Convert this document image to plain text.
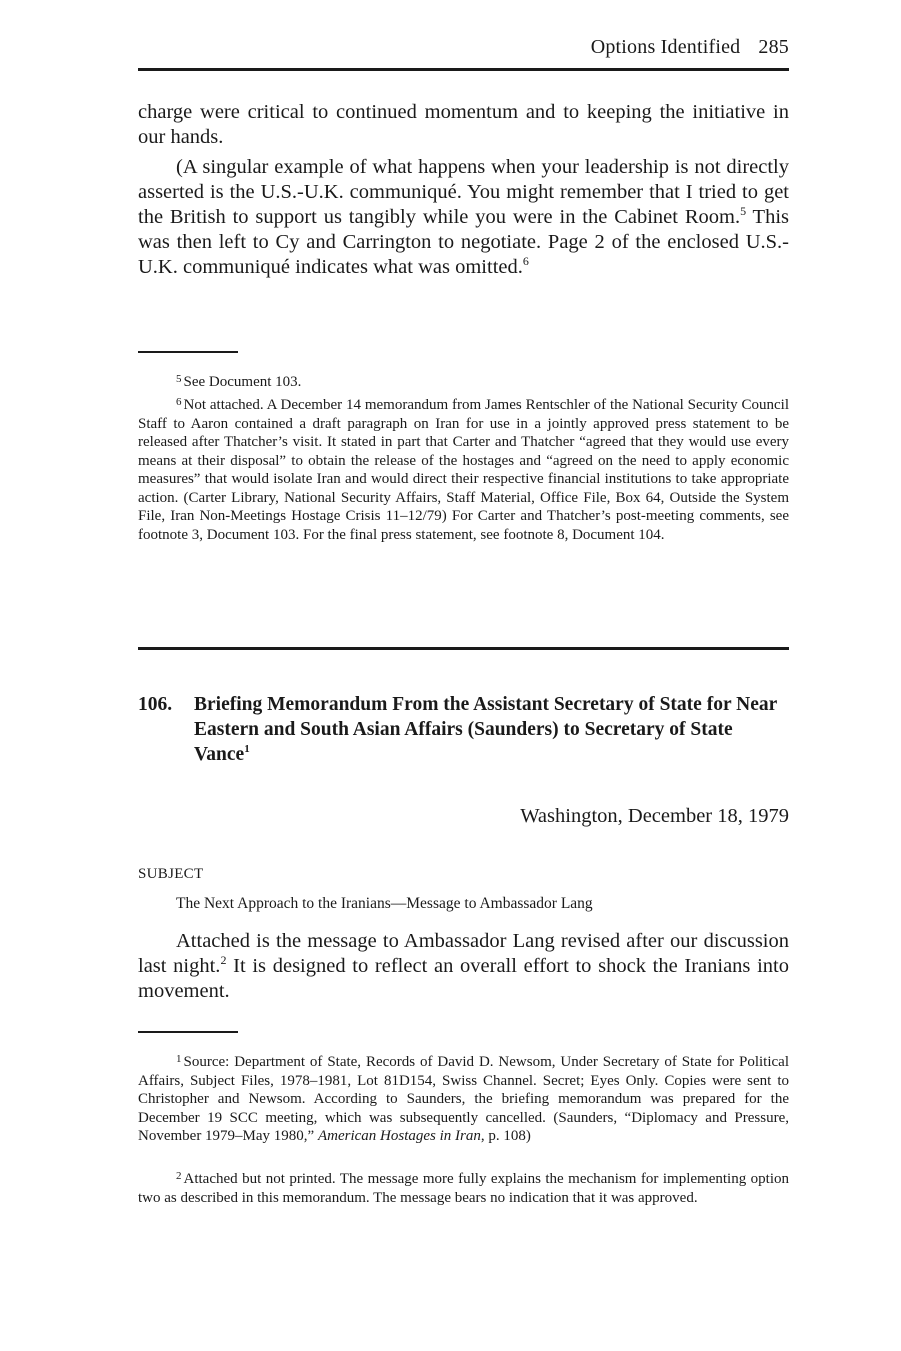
Options Identified 285

charge were critical to continued momentum and to keeping the initiative in our hands.

(A singular example of what happens when your leadership is not directly asserted is the U.S.-U.K. communiqué. You might remember that I tried to get the British to support us tangibly while you were in the Cabinet Room.$^5$ This was then left to Cy and Carrington to negotiate. Page 2 of the enclosed U.S.-U.K. communiqué indicates what was omitted.$^6$

5 See Document 103.

6 Not attached. A December 14 memorandum from James Rentschler of the National Security Council Staff to Aaron contained a draft paragraph on Iran for use in a jointly approved press statement to be released after Thatcher’s visit. It stated in part that Carter and Thatcher “agreed that they would use every means at their disposal” to obtain the release of the hostages and “agreed on the need to apply economic measures” that would isolate Iran and would direct their respective financial institutions to take appropriate action. (Carter Library, National Security Affairs, Staff Material, Office File, Box 64, Outside the System File, Iran Non-Meetings Hostage Crisis 11–12/79) For Carter and Thatcher’s post-meeting comments, see footnote 3, Document 103. For the final press statement, see footnote 8, Document 104.

106. Briefing Memorandum From the Assistant Secretary of State for Near Eastern and South Asian Affairs (Saunders) to Secretary of State Vance$^1$
Washington, December 18, 1979
SUBJECT
The Next Approach to the Iranians—Message to Ambassador Lang

Attached is the message to Ambassador Lang revised after our discussion last night.$^2$ It is designed to reflect an overall effort to shock the Iranians into movement.

1 Source: Department of State, Records of David D. Newsom, Under Secretary of State for Political Affairs, Subject Files, 1978–1981, Lot 81D154, Swiss Channel. Secret; Eyes Only. Copies were sent to Christopher and Newsom. According to Saunders, the briefing memorandum was prepared for the December 19 SCC meeting, which was subsequently cancelled. (Saunders, “Diplomacy and Pressure, November 1979–May 1980,” American Hostages in Iran, p. 108)

2 Attached but not printed. The message more fully explains the mechanism for implementing option two as described in this memorandum. The message bears no indication that it was approved.
